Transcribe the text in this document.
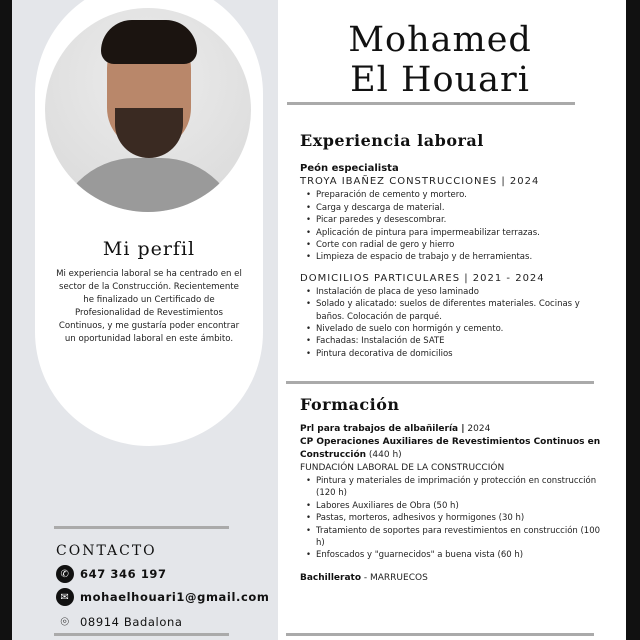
Mi perfil
Mi experiencia laboral se ha centrado en el sector de la Construcción. Recientemente he finalizado un Certificado de Profesionalidad de Revestimientos Continuos, y me gustaría poder encontrar un oportunidad laboral en este ámbito.
CONTACTO
✆ 647 346 197
✉ mohaelhouari1@gmail.com
⌾ 08914 Badalona
Mohamed
El Houari
Experiencia laboral
Peón especialista
TROYA IBAÑEZ CONSTRUCCIONES | 2024
• Preparación de cemento y mortero.
• Carga y descarga de material.
• Picar paredes y desescombrar.
• Aplicación de pintura para impermeabilizar terrazas.
• Corte con radial de gero y hierro
• Limpieza de espacio de trabajo y de herramientas.
DOMICILIOS PARTICULARES | 2021 - 2024
• Instalación de placa de yeso laminado
• Solado y alicatado: suelos de diferentes materiales. Cocinas y baños. Colocación de parqué.
• Nivelado de suelo con hormigón y cemento.
• Fachadas: Instalación de SATE
• Pintura decorativa de domicilios
Formación
Prl para trabajos de albañilería | 2024
CP Operaciones Auxiliares de Revestimientos Continuos en Construcción (440 h)
FUNDACIÓN LABORAL DE LA CONSTRUCCIÓN
• Pintura y materiales de imprimación y protección en construcción (120 h)
• Labores Auxiliares de Obra (50 h)
• Pastas, morteros, adhesivos y hormigones (30 h)
• Tratamiento de soportes para revestimientos en construcción (100 h)
• Enfoscados y "guarnecidos" a buena vista (60 h)
Bachillerato - MARRUECOS
